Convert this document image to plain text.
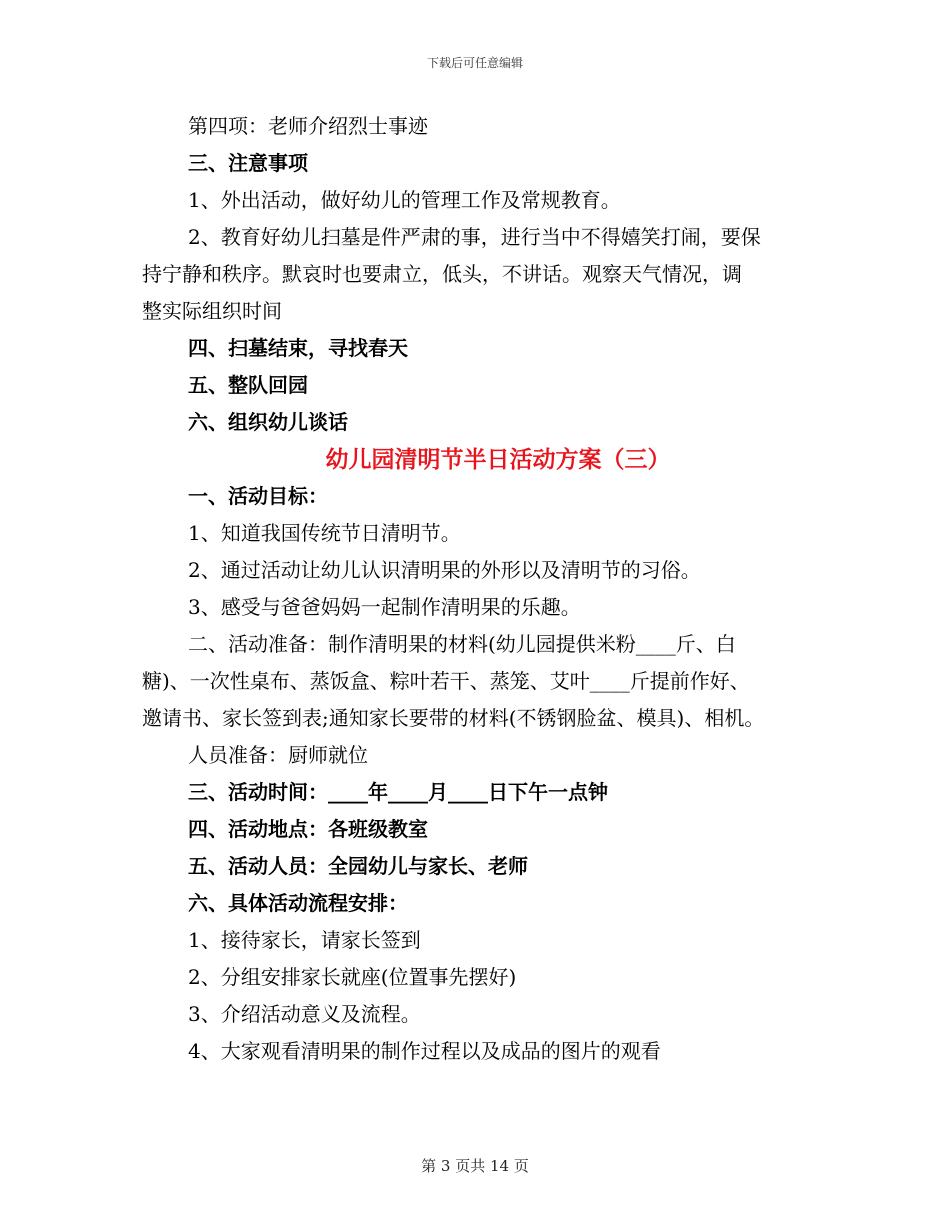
下载后可任意编辑
第四项：老师介绍烈士事迹
三、注意事项
1、外出活动，做好幼儿的管理工作及常规教育。
2、教育好幼儿扫墓是件严肃的事，进行当中不得嬉笑打闹，要保
持宁静和秩序。默哀时也要肃立，低头，不讲话。观察天气情况，调
整实际组织时间
四、扫墓结束，寻找春天
五、整队回园
六、组织幼儿谈话
幼儿园清明节半日活动方案（三）
一、活动目标：
1、知道我国传统节日清明节。
2、通过活动让幼儿认识清明果的外形以及清明节的习俗。
3、感受与爸爸妈妈一起制作清明果的乐趣。
二、活动准备：制作清明果的材料(幼儿园提供米粉____斤、白
糖)、一次性桌布、蒸饭盒、粽叶若干、蒸笼、艾叶____斤提前作好、
邀请书、家长签到表;通知家长要带的材料(不锈钢脸盆、模具)、相机。
人员准备：厨师就位
三、活动时间：____年____月____日下午一点钟
四、活动地点：各班级教室
五、活动人员：全园幼儿与家长、老师
六、具体活动流程安排：
1、接待家长，请家长签到
2、分组安排家长就座(位置事先摆好)
3、介绍活动意义及流程。
4、大家观看清明果的制作过程以及成品的图片的观看
第 3 页共 14 页
